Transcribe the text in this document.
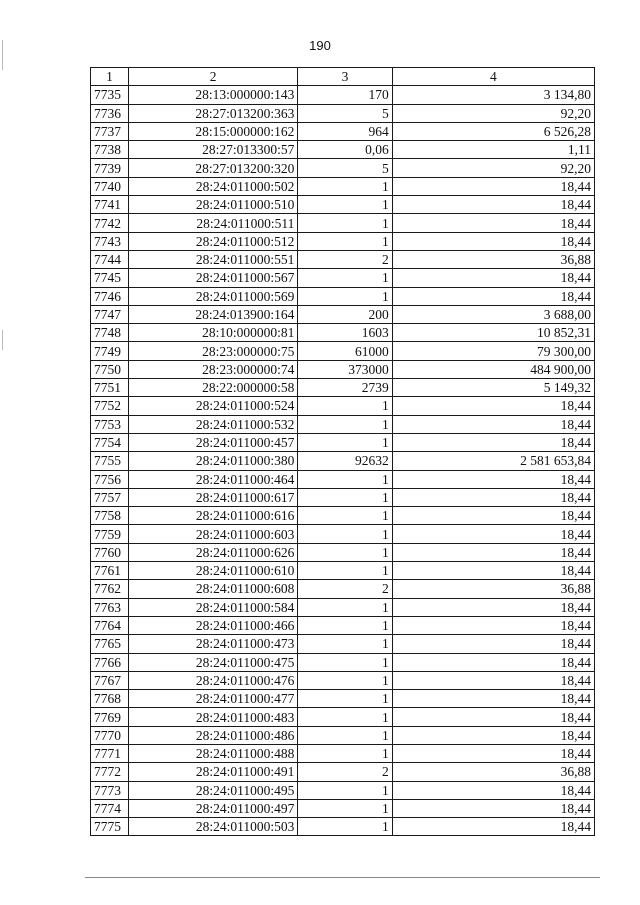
190
1	2	3	4
7735	28:13:000000:143	170	3 134,80
7736	28:27:013200:363	5	92,20
7737	28:15:000000:162	964	6 526,28
7738	28:27:013300:57	0,06	1,11
7739	28:27:013200:320	5	92,20
7740	28:24:011000:502	1	18,44
7741	28:24:011000:510	1	18,44
7742	28:24:011000:511	1	18,44
7743	28:24:011000:512	1	18,44
7744	28:24:011000:551	2	36,88
7745	28:24:011000:567	1	18,44
7746	28:24:011000:569	1	18,44
7747	28:24:013900:164	200	3 688,00
7748	28:10:000000:81	1603	10 852,31
7749	28:23:000000:75	61000	79 300,00
7750	28:23:000000:74	373000	484 900,00
7751	28:22:000000:58	2739	5 149,32
7752	28:24:011000:524	1	18,44
7753	28:24:011000:532	1	18,44
7754	28:24:011000:457	1	18,44
7755	28:24:011000:380	92632	2 581 653,84
7756	28:24:011000:464	1	18,44
7757	28:24:011000:617	1	18,44
7758	28:24:011000:616	1	18,44
7759	28:24:011000:603	1	18,44
7760	28:24:011000:626	1	18,44
7761	28:24:011000:610	1	18,44
7762	28:24:011000:608	2	36,88
7763	28:24:011000:584	1	18,44
7764	28:24:011000:466	1	18,44
7765	28:24:011000:473	1	18,44
7766	28:24:011000:475	1	18,44
7767	28:24:011000:476	1	18,44
7768	28:24:011000:477	1	18,44
7769	28:24:011000:483	1	18,44
7770	28:24:011000:486	1	18,44
7771	28:24:011000:488	1	18,44
7772	28:24:011000:491	2	36,88
7773	28:24:011000:495	1	18,44
7774	28:24:011000:497	1	18,44
7775	28:24:011000:503	1	18,44
